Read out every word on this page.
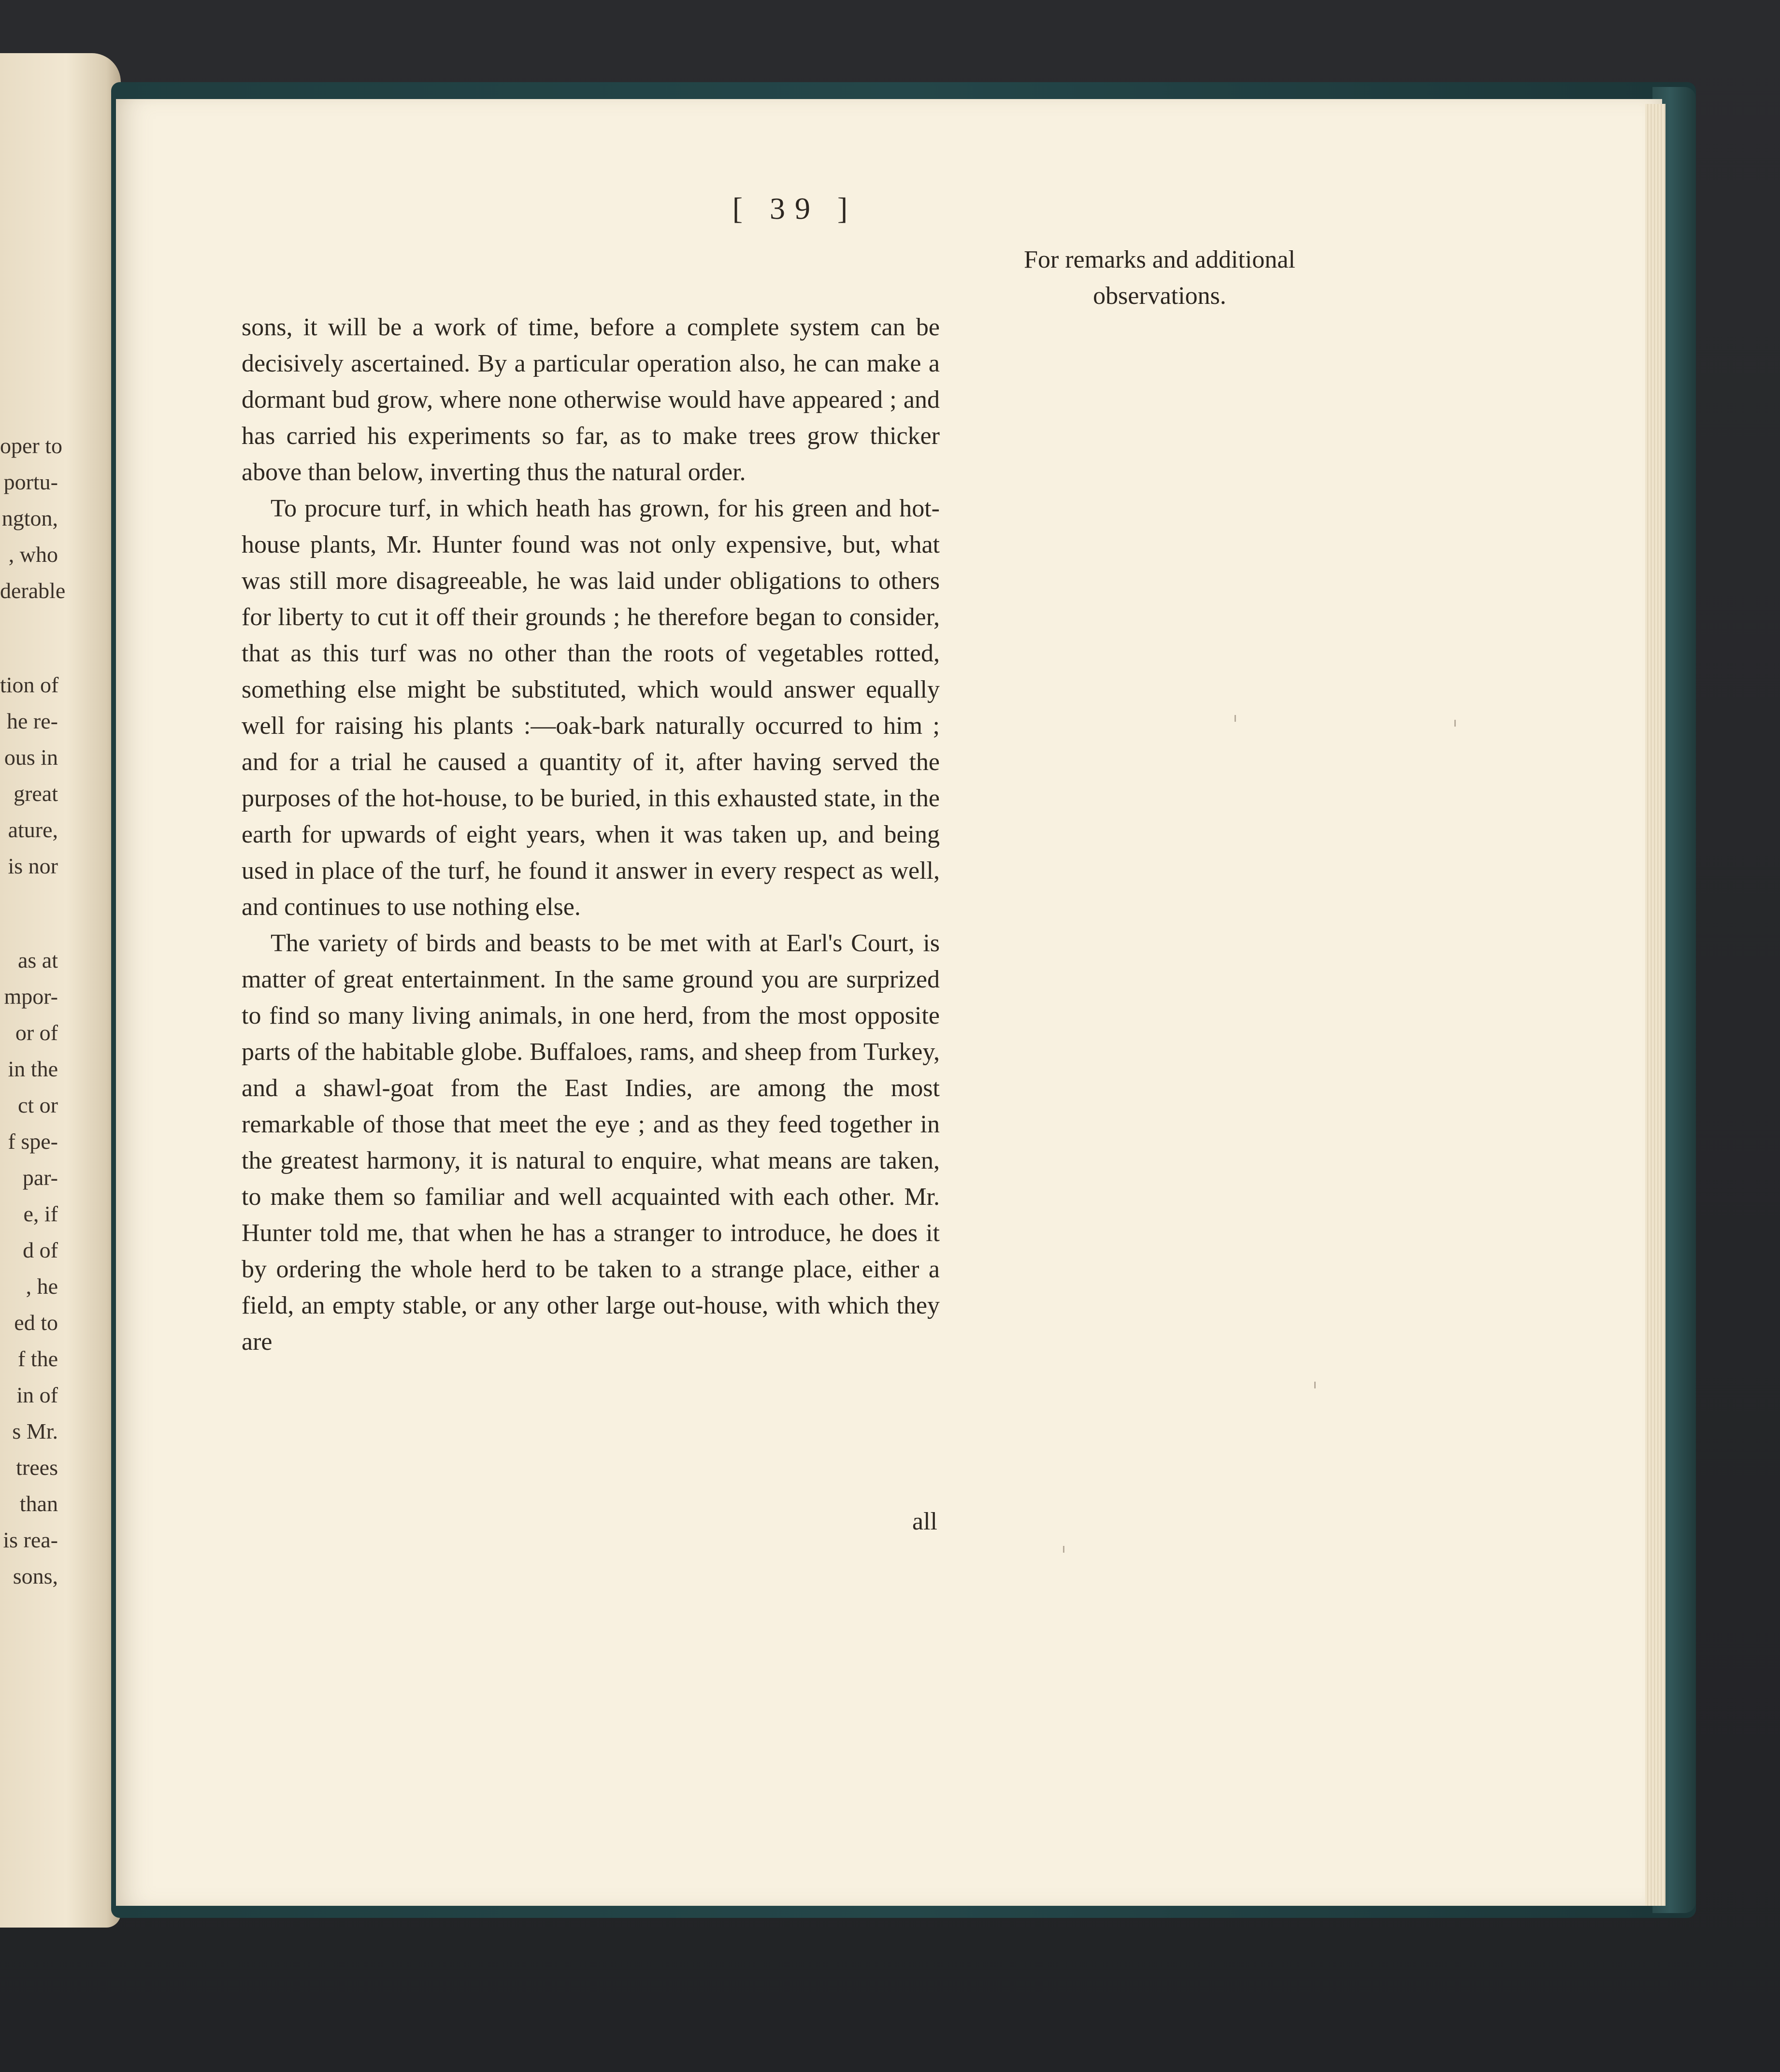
oper to
portu-
ngton,
, who
derable
tion of
he re-
ous in
great
ature,
is nor
as at
mpor-
or of
in the
ct or
f spe-
par-
e, if
d of
, he
ed to
f the
in of
s Mr.
trees
than
is rea-
sons,
[ 39 ]
For remarks and additional
observations.

sons, it will be a work of time, before a complete system can be decisively ascertained. By a particular operation also, he can make a dormant bud grow, where none otherwise would have appeared ; and has carried his experiments so far, as to make trees grow thicker above than below, inverting thus the natural order.

To procure turf, in which heath has grown, for his green and hot-house plants, Mr. Hunter found was not only expensive, but, what was still more disagreeable, he was laid under obligations to others for liberty to cut it off their grounds ; he therefore began to consider, that as this turf was no other than the roots of vegetables rotted, something else might be substituted, which would answer equally well for raising his plants :—oak-bark naturally occurred to him ; and for a trial he caused a quantity of it, after having served the purposes of the hot-house, to be buried, in this exhausted state, in the earth for upwards of eight years, when it was taken up, and being used in place of the turf, he found it answer in every respect as well, and continues to use nothing else.

The variety of birds and beasts to be met with at Earl's Court, is matter of great entertainment. In the same ground you are surprized to find so many living animals, in one herd, from the most opposite parts of the habitable globe. Buffaloes, rams, and sheep from Turkey, and a shawl-goat from the East Indies, are among the most remarkable of those that meet the eye ; and as they feed together in the greatest harmony, it is natural to enquire, what means are taken, to make them so familiar and well acquainted with each other. Mr. Hunter told me, that when he has a stranger to introduce, he does it by ordering the whole herd to be taken to a strange place, either a field, an empty stable, or any other large out-house, with which they are

all
